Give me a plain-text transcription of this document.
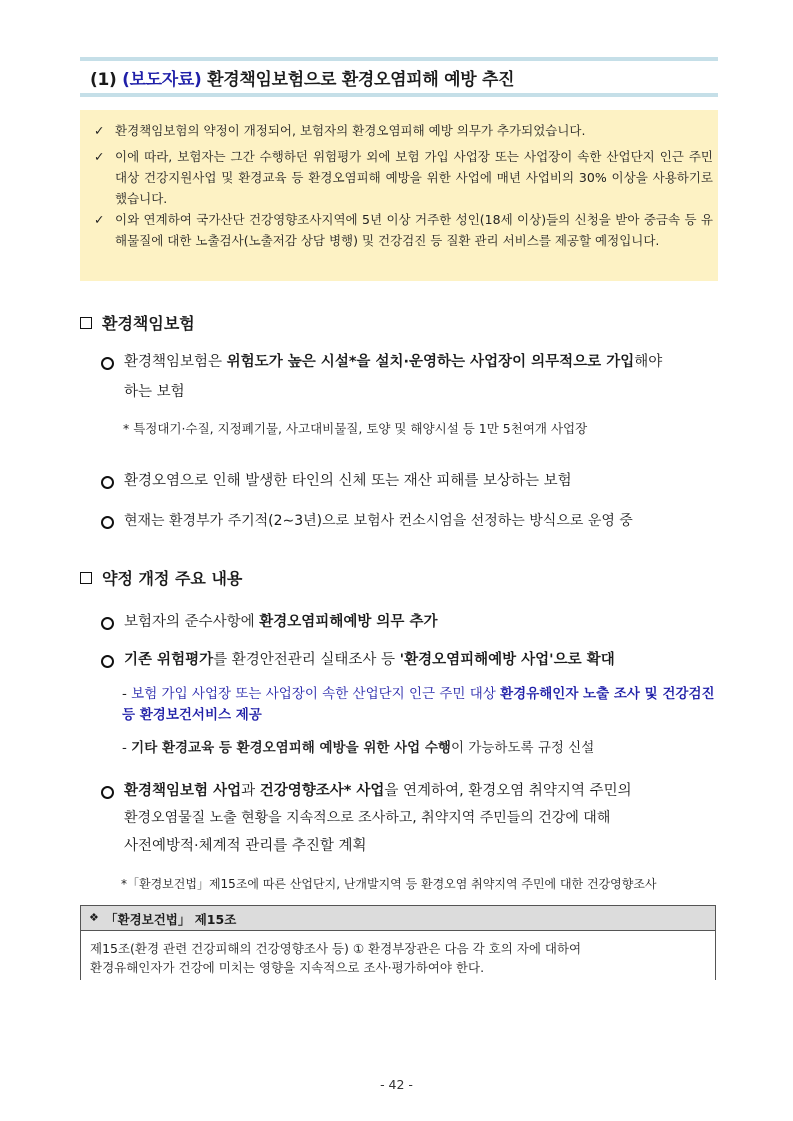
(1) (보도자료) 환경책임보험으로 환경오염피해 예방 추진
✓ 환경책임보험의 약정이 개정되어, 보험자의 환경오염피해 예방 의무가 추가되었습니다.
✓ 이에 따라, 보험자는 그간 수행하던 위험평가 외에 보험 가입 사업장 또는 사업장이 속한 산업단지 인근 주민 대상 건강지원사업 및 환경교육 등 환경오염피해 예방을 위한 사업에 매년 사업비의 30% 이상을 사용하기로 했습니다.
✓ 이와 연계하여 국가산단 건강영향조사지역에 5년 이상 거주한 성인(18세 이상)들의 신청을 받아 중금속 등 유해물질에 대한 노출검사(노출저감 상담 병행) 및 건강검진 등 질환 관리 서비스를 제공할 예정입니다.
환경책임보험
환경책임보험은 위험도가 높은 시설*을 설치·운영하는 사업장이 의무적으로 가입해야
하는 보험
* 특정대기·수질, 지정폐기물, 사고대비물질, 토양 및 해양시설 등 1만 5천여개 사업장
환경오염으로 인해 발생한 타인의 신체 또는 재산 피해를 보상하는 보험
현재는 환경부가 주기적(2∼3년)으로 보험사 컨소시엄을 선정하는 방식으로 운영 중
약정 개정 주요 내용
보험자의 준수사항에 환경오염피해예방 의무 추가
기존 위험평가를 환경안전관리 실태조사 등 '환경오염피해예방 사업'으로 확대
- 보험 가입 사업장 또는 사업장이 속한 산업단지 인근 주민 대상 환경유해인자 노출 조사 및 건강검진 등 환경보건서비스 제공
- 기타 환경교육 등 환경오염피해 예방을 위한 사업 수행이 가능하도록 규정 신설
환경책임보험 사업과 건강영향조사* 사업을 연계하여, 환경오염 취약지역 주민의
환경오염물질 노출 현황을 지속적으로 조사하고, 취약지역 주민들의 건강에 대해
사전예방적·체계적 관리를 추진할 계획
*「환경보건법」제15조에 따른 산업단지, 난개발지역 등 환경오염 취약지역 주민에 대한 건강영향조사
❖ 「환경보건법」 제15조
제15조(환경 관련 건강피해의 건강영향조사 등) ① 환경부장관은 다음 각 호의 자에 대하여
환경유해인자가 건강에 미치는 영향을 지속적으로 조사·평가하여야 한다.
- 42 -
